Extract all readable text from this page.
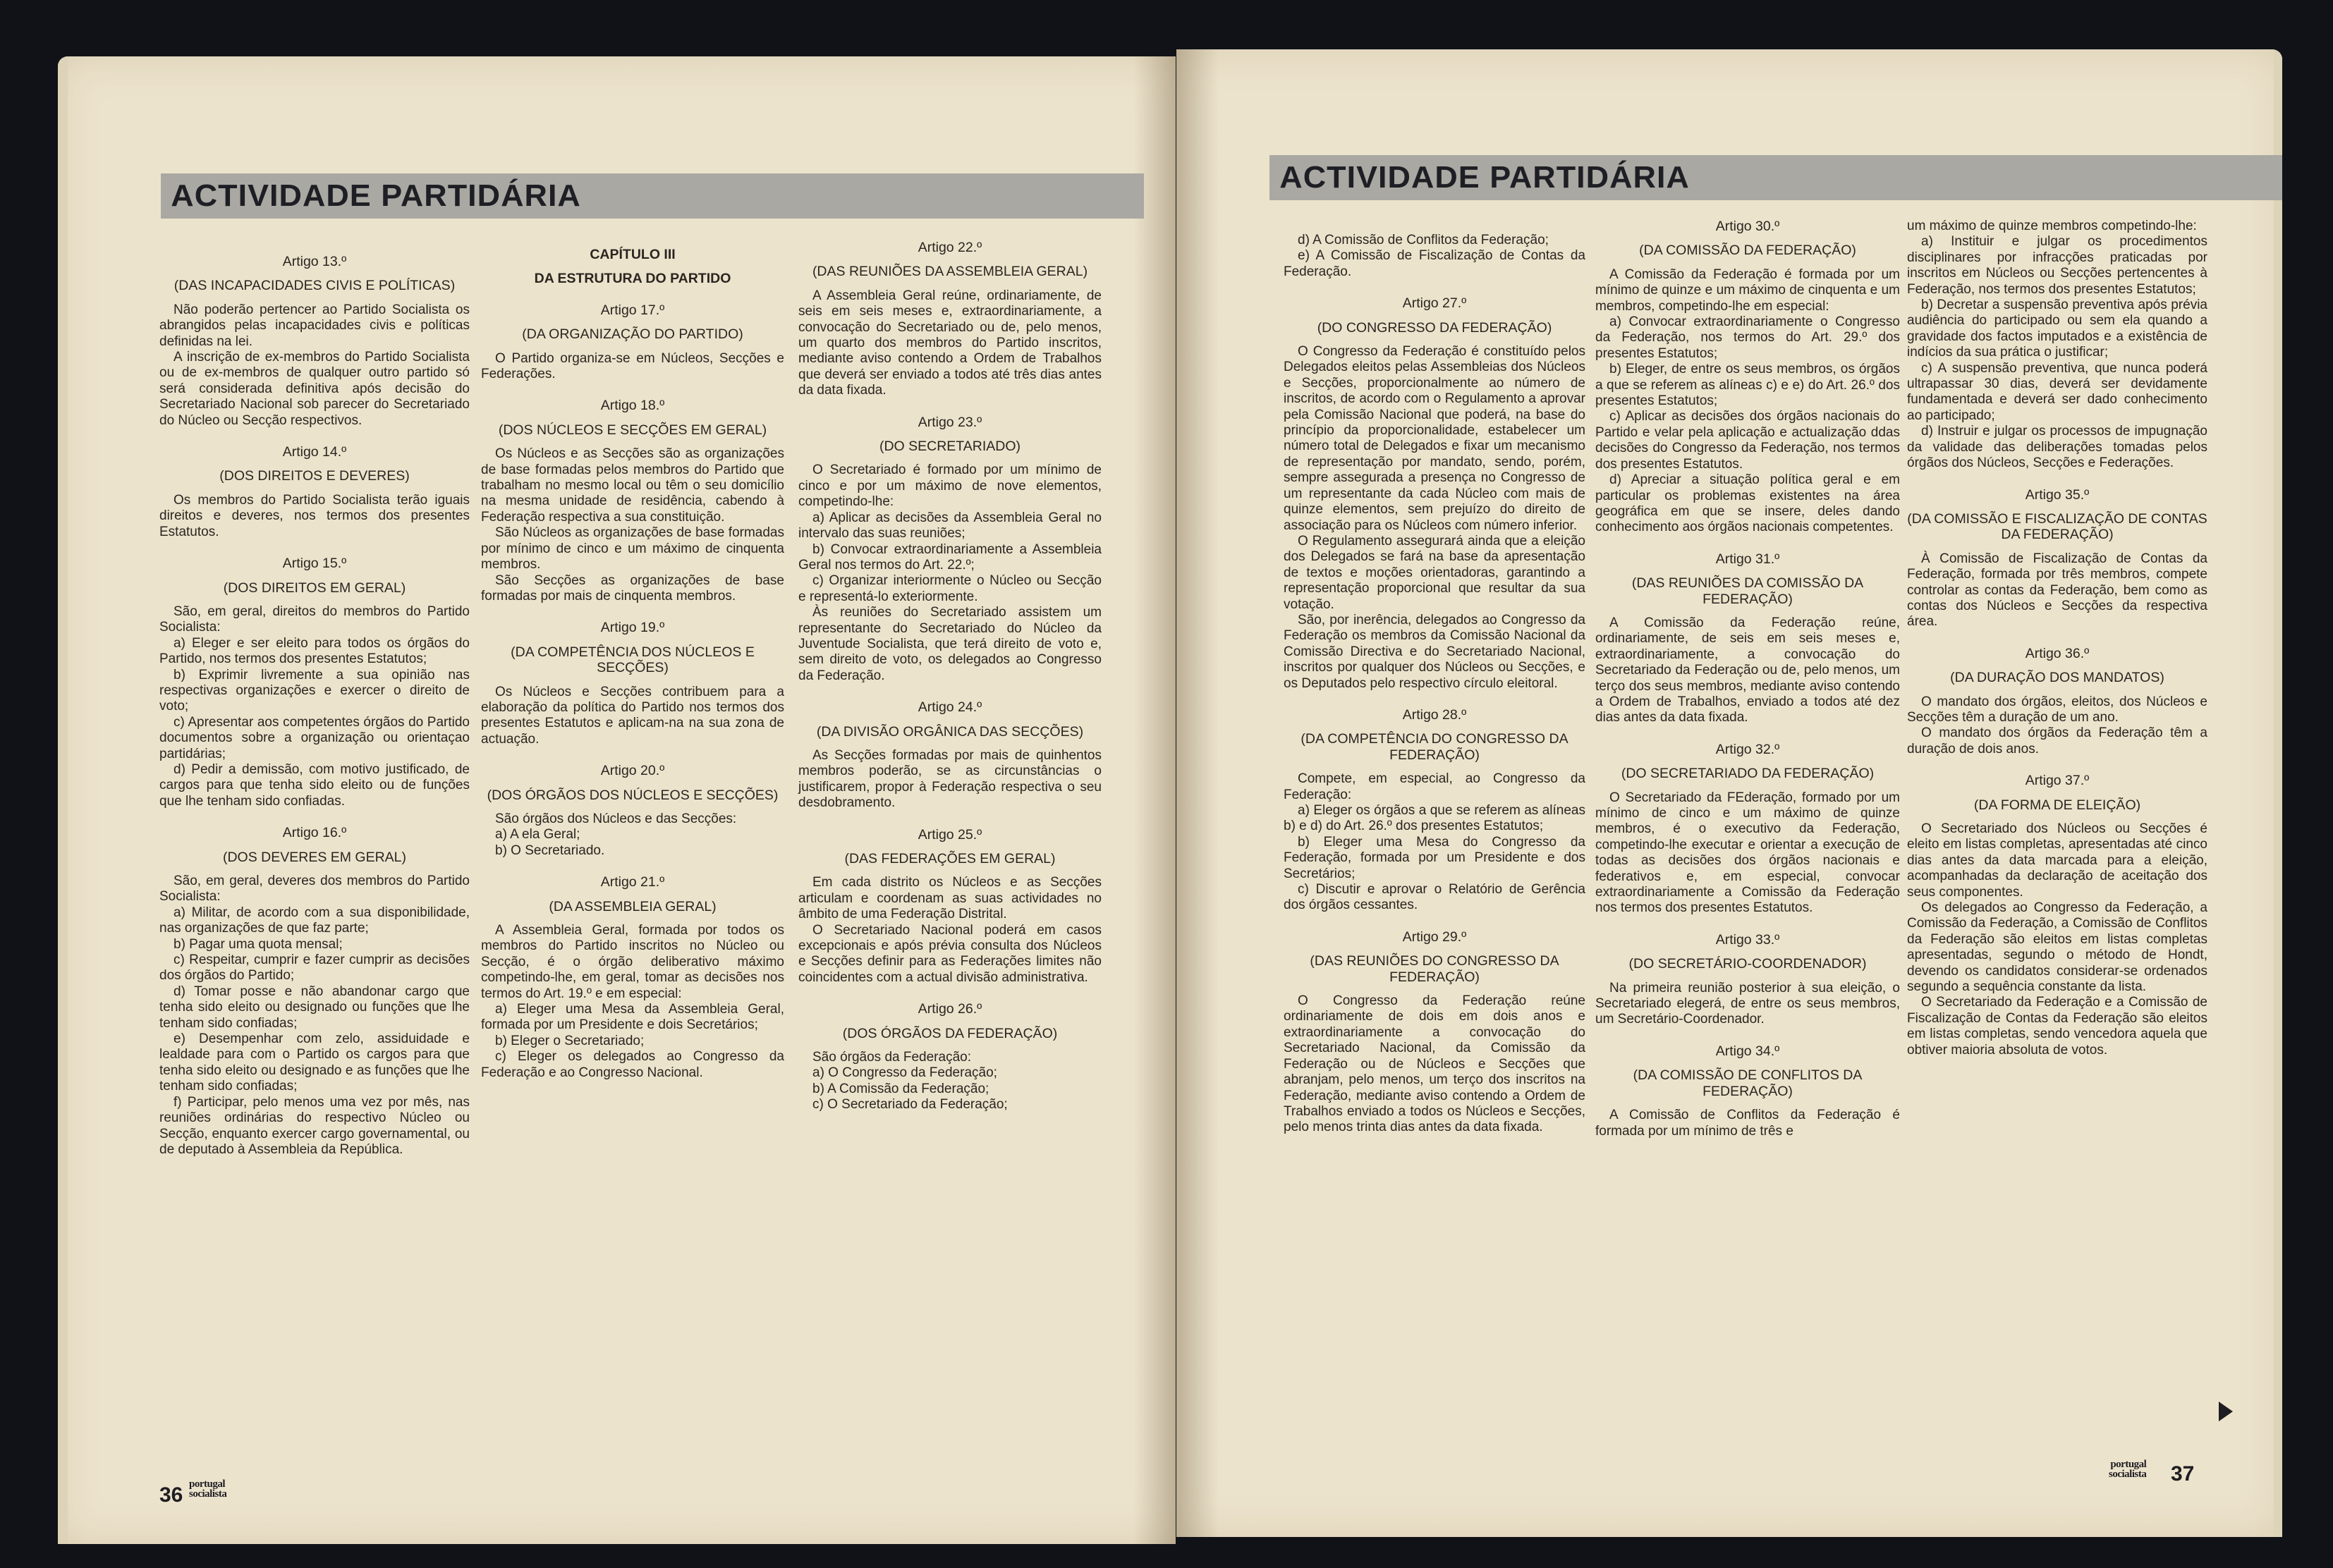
ACTIVIDADE PARTIDÁRIA
Artigo 13.º
(DAS INCAPACIDADES CIVIS E POLÍTICAS)

Não poderão pertencer ao Partido Socialista os abrangidos pelas incapacidades civis e políticas definidas na lei.

A inscrição de ex-membros do Partido Socialista ou de ex-membros de qualquer outro partido só será considerada definitiva após decisão do Secretariado Nacional sob parecer do Secretariado do Núcleo ou Secção respectivos.

Artigo 14.º
(DOS DIREITOS E DEVERES)

Os membros do Partido Socialista terão iguais direitos e deveres, nos termos dos presentes Estatutos.

Artigo 15.º
(DOS DIREITOS EM GERAL)

São, em geral, direitos do membros do Partido Socialista:

a) Eleger e ser eleito para todos os órgãos do Partido, nos termos dos presentes Estatutos;

b) Exprimir livremente a sua opinião nas respectivas organizações e exercer o direito de voto;

c) Apresentar aos competentes órgãos do Partido documentos sobre a organização ou orientaçao partidárias;

d) Pedir a demissão, com motivo justificado, de cargos para que tenha sido eleito ou de funções que lhe tenham sido confiadas.

Artigo 16.º
(DOS DEVERES EM GERAL)

São, em geral, deveres dos membros do Partido Socialista:

a) Militar, de acordo com a sua disponibilidade, nas organizações de que faz parte;

b) Pagar uma quota mensal;

c) Respeitar, cumprir e fazer cumprir as decisões dos órgãos do Partido;

d) Tomar posse e não abandonar cargo que tenha sido eleito ou designado ou funções que lhe tenham sido confiadas;

e) Desempenhar com zelo, assiduidade e lealdade para com o Partido os cargos para que tenha sido eleito ou designado e as funções que lhe tenham sido confiadas;

f) Participar, pelo menos uma vez por mês, nas reuniões ordinárias do respectivo Núcleo ou Secção, enquanto exercer cargo governamental, ou de deputado à Assembleia da República.

CAPÍTULO III
DA ESTRUTURA DO PARTIDO
Artigo 17.º
(DA ORGANIZAÇÃO DO PARTIDO)

O Partido organiza-se em Núcleos, Secções e Federações.

Artigo 18.º
(DOS NÚCLEOS E SECÇÕES EM GERAL)

Os Núcleos e as Secções são as organizações de base formadas pelos membros do Partido que trabalham no mesmo local ou têm o seu domicílio na mesma unidade de residência, cabendo à Federação respectiva a sua constituição.

São Núcleos as organizações de base formadas por mínimo de cinco e um máximo de cinquenta membros.

São Secções as organizações de base formadas por mais de cinquenta membros.

Artigo 19.º
(DA COMPETÊNCIA DOS NÚCLEOS E SECÇÕES)

Os Núcleos e Secções contribuem para a elaboração da política do Partido nos termos dos presentes Estatutos e aplicam-na na sua zona de actuação.

Artigo 20.º
(DOS ÓRGÃOS DOS NÚCLEOS E SECÇÕES)

São órgãos dos Núcleos e das Secções:

a) A ela Geral;

b) O Secretariado.

Artigo 21.º
(DA ASSEMBLEIA GERAL)

A Assembleia Geral, formada por todos os membros do Partido inscritos no Núcleo ou Secção, é o órgão deliberativo máximo competindo-lhe, em geral, tomar as decisões nos termos do Art. 19.º e em especial:

a) Eleger uma Mesa da Assembleia Geral, formada por um Presidente e dois Secretários;

b) Eleger o Secretariado;

c) Eleger os delegados ao Congresso da Federação e ao Congresso Nacional.

Artigo 22.º
(DAS REUNIÕES DA ASSEMBLEIA GERAL)

A Assembleia Geral reúne, ordinariamente, de seis em seis meses e, extraordinariamente, a convocação do Secretariado ou de, pelo menos, um quarto dos membros do Partido inscritos, mediante aviso contendo a Ordem de Trabalhos que deverá ser enviado a todos até três dias antes da data fixada.

Artigo 23.º
(DO SECRETARIADO)

O Secretariado é formado por um mínimo de cinco e por um máximo de nove elementos, competindo-lhe:

a) Aplicar as decisões da Assembleia Geral no intervalo das suas reuniões;

b) Convocar extraordinariamente a Assembleia Geral nos termos do Art. 22.º;

c) Organizar interiormente o Núcleo ou Secção e representá-lo exteriormente.

Às reuniões do Secretariado assistem um representante do Secretariado do Núcleo da Juventude Socialista, que terá direito de voto e, sem direito de voto, os delegados ao Congresso da Federação.

Artigo 24.º
(DA DIVISÃO ORGÂNICA DAS SECÇÕES)

As Secções formadas por mais de quinhentos membros poderão, se as circunstâncias o justificarem, propor à Federação respectiva o seu desdobramento.

Artigo 25.º
(DAS FEDERAÇÕES EM GERAL)

Em cada distrito os Núcleos e as Secções articulam e coordenam as suas actividades no âmbito de uma Federação Distrital.

O Secretariado Nacional poderá em casos excepcionais e após prévia consulta dos Núcleos e Secções definir para as Federações limites não coincidentes com a actual divisão administrativa.

Artigo 26.º
(DOS ÓRGÃOS DA FEDERAÇÃO)

São órgãos da Federação:

a) O Congresso da Federação;

b) A Comissão da Federação;

c) O Secretariado da Federação;

36 portugal
socialista
ACTIVIDADE PARTIDÁRIA

d) A Comissão de Conflitos da Federação;

e) A Comissão de Fiscalização de Contas da Federação.

Artigo 27.º
(DO CONGRESSO DA FEDERAÇÃO)

O Congresso da Federação é constituído pelos Delegados eleitos pelas Assembleias dos Núcleos e Secções, proporcionalmente ao número de inscritos, de acordo com o Regulamento a aprovar pela Comissão Nacional que poderá, na base do princípio da proporcionalidade, estabelecer um número total de Delegados e fixar um mecanismo de representação por mandato, sendo, porém, sempre assegurada a presença no Congresso de um representante da cada Núcleo com mais de quinze elementos, sem prejuízo do direito de associação para os Núcleos com número inferior.

O Regulamento assegurará ainda que a eleição dos Delegados se fará na base da apresentação de textos e moções orientadoras, garantindo a representação proporcional que resultar da sua votação.

São, por inerência, delegados ao Congresso da Federação os membros da Comissão Nacional da Comissão Directiva e do Secretariado Nacional, inscritos por qualquer dos Núcleos ou Secções, e os Deputados pelo respectivo círculo eleitoral.

Artigo 28.º
(DA COMPETÊNCIA DO CONGRESSO DA FEDERAÇÃO)

Compete, em especial, ao Congresso da Federação:

a) Eleger os órgãos a que se referem as alíneas b) e d) do Art. 26.º dos presentes Estatutos;

b) Eleger uma Mesa do Congresso da Federação, formada por um Presidente e dos Secretários;

c) Discutir e aprovar o Relatório de Gerência dos órgãos cessantes.

Artigo 29.º
(DAS REUNIÕES DO CONGRESSO DA FEDERAÇÃO)

O Congresso da Federação reúne ordinariamente de dois em dois anos e extraordinariamente a convocação do Secretariado Nacional, da Comissão da Federação ou de Núcleos e Secções que abranjam, pelo menos, um terço dos inscritos na Federação, mediante aviso contendo a Ordem de Trabalhos enviado a todos os Núcleos e Secções, pelo menos trinta dias antes da data fixada.

Artigo 30.º
(DA COMISSÃO DA FEDERAÇÃO)

A Comissão da Federação é formada por um mínimo de quinze e um máximo de cinquenta e um membros, competindo-lhe em especial:

a) Convocar extraordinariamente o Congresso da Federação, nos termos do Art. 29.º dos presentes Estatutos;

b) Eleger, de entre os seus membros, os órgãos a que se referem as alíneas c) e e) do Art. 26.º dos presentes Estatutos;

c) Aplicar as decisões dos órgãos nacionais do Partido e velar pela aplicação e actualização ddas decisões do Congresso da Federação, nos termos dos presentes Estatutos.

d) Apreciar a situação política geral e em particular os problemas existentes na área geográfica em que se insere, deles dando conhecimento aos órgãos nacionais competentes.

Artigo 31.º
(DAS REUNIÕES DA COMISSÃO DA FEDERAÇÃO)

A Comissão da Federação reúne, ordinariamente, de seis em seis meses e, extraordinariamente, a convocação do Secretariado da Federação ou de, pelo menos, um terço dos seus membros, mediante aviso contendo a Ordem de Trabalhos, enviado a todos até dez dias antes da data fixada.

Artigo 32.º
(DO SECRETARIADO DA FEDERAÇÃO)

O Secretariado da FEderação, formado por um mínimo de cinco e um máximo de quinze membros, é o executivo da Federação, competindo-lhe executar e orientar a execução de todas as decisões dos órgãos nacionais e federativos e, em especial, convocar extraordinariamente a Comissão da Federação nos termos dos presentes Estatutos.

Artigo 33.º
(DO SECRETÁRIO-COORDENADOR)

Na primeira reunião posterior à sua eleição, o Secretariado elegerá, de entre os seus membros, um Secretário-Coordenador.

Artigo 34.º
(DA COMISSÃO DE CONFLITOS DA FEDERAÇÃO)

A Comissão de Conflitos da Federação é formada por um mínimo de três e

um máximo de quinze membros competindo-lhe:

a) Instituir e julgar os procedimentos disciplinares por infracções praticadas por inscritos em Núcleos ou Secções pertencentes à Federação, nos termos dos presentes Estatutos;

b) Decretar a suspensão preventiva após prévia audiência do participado ou sem ela quando a gravidade dos factos imputados e a existência de indícios da sua prática o justificar;

c) A suspensão preventiva, que nunca poderá ultrapassar 30 dias, deverá ser devidamente fundamentada e deverá ser dado conhecimento ao participado;

d) Instruir e julgar os processos de impugnação da validade das deliberações tomadas pelos órgãos dos Núcleos, Secções e Federações.

Artigo 35.º
(DA COMISSÃO E FISCALIZAÇÃO DE CONTAS DA FEDERAÇÃO)

À Comissão de Fiscalização de Contas da Federação, formada por três membros, compete controlar as contas da Federação, bem como as contas dos Núcleos e Secções da respectiva área.

Artigo 36.º
(DA DURAÇÃO DOS MANDATOS)

O mandato dos órgãos, eleitos, dos Núcleos e Secções têm a duração de um ano.

O mandato dos órgãos da Federação têm a duração de dois anos.

Artigo 37.º
(DA FORMA DE ELEIÇÃO)

O Secretariado dos Núcleos ou Secções é eleito em listas completas, apresentadas até cinco dias antes da data marcada para a eleição, acompanhadas da declaração de aceitação dos seus componentes.

Os delegados ao Congresso da Federação, a Comissão da Federação, a Comissão de Conflitos da Federação são eleitos em listas completas apresentadas, segundo o método de Hondt, devendo os candidatos considerar-se ordenados segundo a sequência constante da lista.

O Secretariado da Federação e a Comissão de Fiscalização de Contas da Federação são eleitos em listas completas, sendo vencedora aquela que obtiver maioria absoluta de votos.

portugal
socialista 37
